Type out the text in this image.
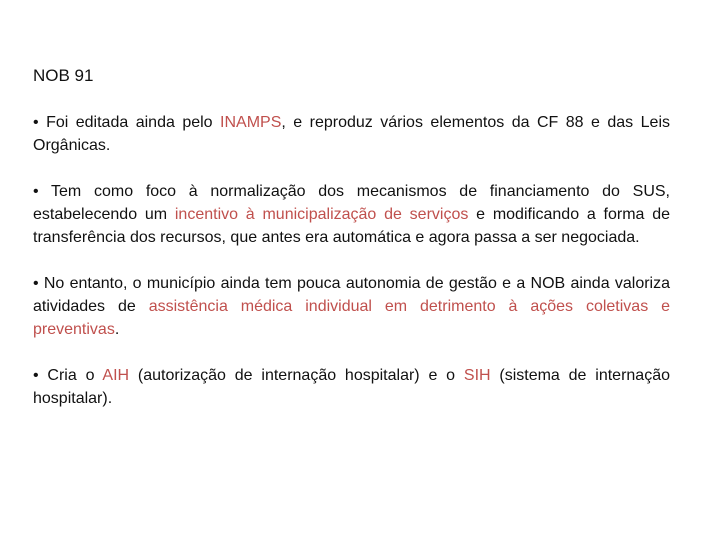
NOB 91

• Foi editada ainda pelo INAMPS, e reproduz vários elementos da CF 88 e das Leis Orgânicas.

• Tem como foco à normalização dos mecanismos de financiamento do SUS, estabelecendo um incentivo à municipalização de serviços e modificando a forma de transferência dos recursos, que antes era automática e agora passa a ser negociada.

• No entanto, o município ainda tem pouca autonomia de gestão e a NOB ainda valoriza atividades de assistência médica individual em detrimento à ações coletivas e preventivas.

• Cria o AIH (autorização de internação hospitalar) e o SIH (sistema de internação hospitalar).
